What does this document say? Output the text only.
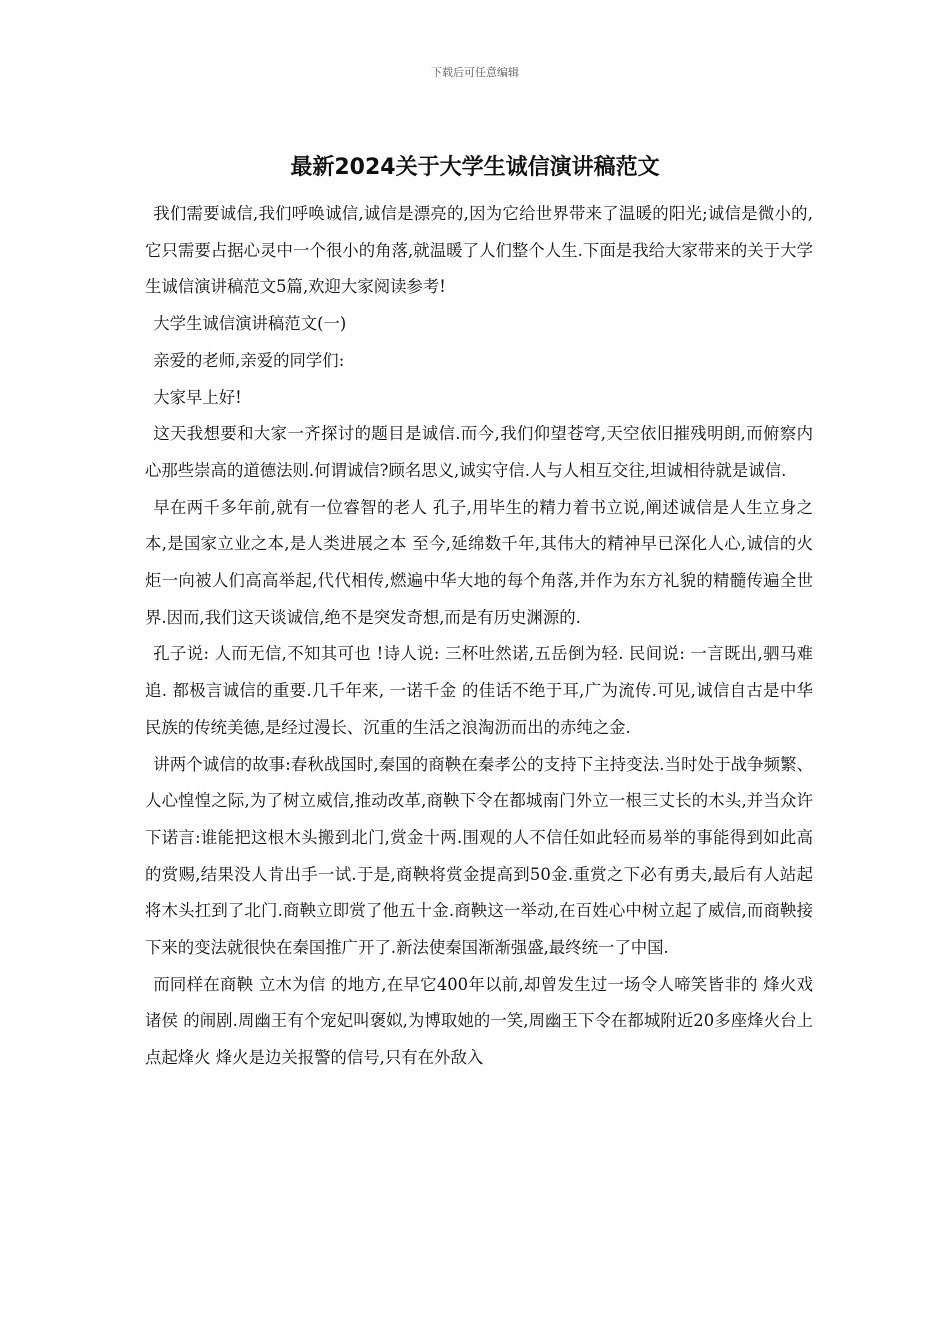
下载后可任意编辑
最新2024关于大学生诚信演讲稿范文

我们需要诚信,我们呼唤诚信,诚信是漂亮的,因为它给世界带来了温暖的阳光;诚信是微小的,它只需要占据心灵中一个很小的角落,就温暖了人们整个人生.下面是我给大家带来的关于大学生诚信演讲稿范文5篇,欢迎大家阅读参考!

大学生诚信演讲稿范文(一)

亲爱的老师,亲爱的同学们:

大家早上好!

这天我想要和大家一齐探讨的题目是诚信.而今,我们仰望苍穹,天空依旧摧残明朗,而俯察内心那些崇高的道德法则.何谓诚信?顾名思义,诚实守信.人与人相互交往,坦诚相待就是诚信.

早在两千多年前,就有一位睿智的老人 孔子,用毕生的精力着书立说,阐述诚信是人生立身之本,是国家立业之本,是人类进展之本 至今,延绵数千年,其伟大的精神早已深化人心,诚信的火炬一向被人们高高举起,代代相传,燃遍中华大地的每个角落,并作为东方礼貌的精髓传遍全世界.因而,我们这天谈诚信,绝不是突发奇想,而是有历史渊源的.

孔子说: 人而无信,不知其可也 !诗人说: 三杯吐然诺,五岳倒为轻. 民间说: 一言既出,驷马难追. 都极言诚信的重要.几千年来, 一诺千金 的佳话不绝于耳,广为流传.可见,诚信自古是中华民族的传统美德,是经过漫长、沉重的生活之浪淘沥而出的赤纯之金.

讲两个诚信的故事:春秋战国时,秦国的商鞅在秦孝公的支持下主持变法.当时处于战争频繁、人心惶惶之际,为了树立威信,推动改革,商鞅下令在都城南门外立一根三丈长的木头,并当众许下诺言:谁能把这根木头搬到北门,赏金十两.围观的人不信任如此轻而易举的事能得到如此高的赏赐,结果没人肯出手一试.于是,商鞅将赏金提高到50金.重赏之下必有勇夫,最后有人站起将木头扛到了北门.商鞅立即赏了他五十金.商鞅这一举动,在百姓心中树立起了威信,而商鞅接下来的变法就很快在秦国推广开了.新法使秦国渐渐强盛,最终统一了中国.

而同样在商鞅 立木为信 的地方,在早它400年以前,却曾发生过一场令人啼笑皆非的 烽火戏诸侯 的闹剧.周幽王有个宠妃叫褒姒,为博取她的一笑,周幽王下令在都城附近20多座烽火台上点起烽火 烽火是边关报警的信号,只有在外敌入
